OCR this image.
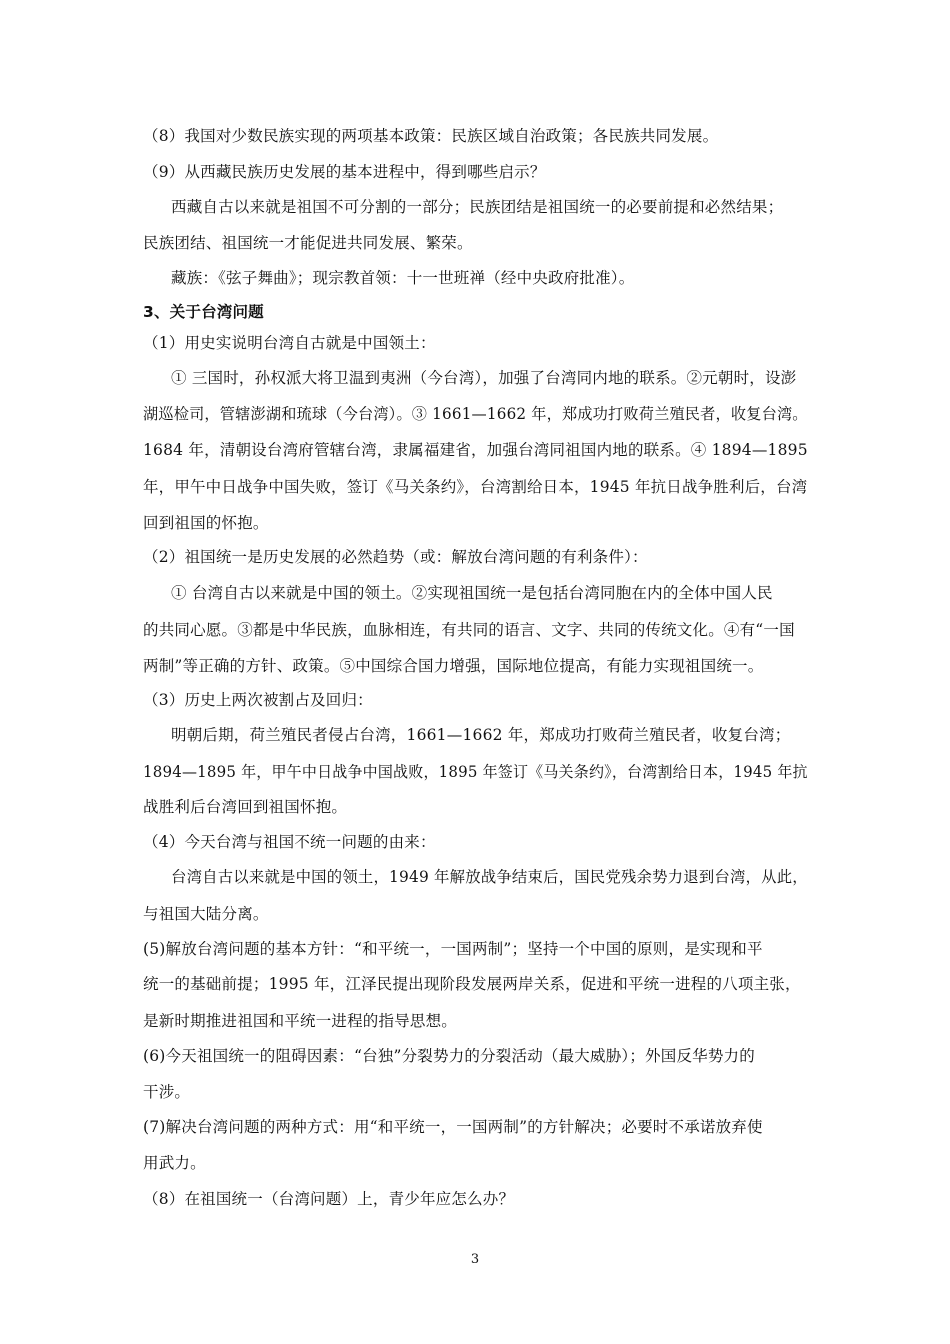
（8）我国对少数民族实现的两项基本政策：民族区域自治政策；各民族共同发展。
（9）从西藏民族历史发展的基本进程中，得到哪些启示？
西藏自古以来就是祖国不可分割的一部分；民族团结是祖国统一的必要前提和必然结果；
民族团结、祖国统一才能促进共同发展、繁荣。
藏族：《弦子舞曲》；现宗教首领：十一世班禅（经中央政府批准）。
3、关于台湾问题
（1）用史实说明台湾自古就是中国领土：
① 三国时，孙权派大将卫温到夷洲（今台湾），加强了台湾同内地的联系。②元朝时，设澎
湖巡检司，管辖澎湖和琉球（今台湾）。③ 1661—1662 年，郑成功打败荷兰殖民者，收复台湾。
1684 年，清朝设台湾府管辖台湾，隶属福建省，加强台湾同祖国内地的联系。④ 1894—1895
年，甲午中日战争中国失败，签订《马关条约》，台湾割给日本，1945 年抗日战争胜利后，台湾
回到祖国的怀抱。
（2）祖国统一是历史发展的必然趋势（或：解放台湾问题的有利条件）：
① 台湾自古以来就是中国的领土。②实现祖国统一是包括台湾同胞在内的全体中国人民
的共同心愿。③都是中华民族，血脉相连，有共同的语言、文字、共同的传统文化。④有“一国
两制”等正确的方针、政策。⑤中国综合国力增强，国际地位提高，有能力实现祖国统一。
（3）历史上两次被割占及回归：
明朝后期，荷兰殖民者侵占台湾，1661—1662 年，郑成功打败荷兰殖民者，收复台湾；
1894—1895 年，甲午中日战争中国战败，1895 年签订《马关条约》，台湾割给日本，1945 年抗
战胜利后台湾回到祖国怀抱。
（4）今天台湾与祖国不统一问题的由来：
台湾自古以来就是中国的领土，1949 年解放战争结束后，国民党残余势力退到台湾，从此，
与祖国大陆分离。
(5)解放台湾问题的基本方针：“和平统一，一国两制”；坚持一个中国的原则，是实现和平
统一的基础前提；1995 年，江泽民提出现阶段发展两岸关系，促进和平统一进程的八项主张，
是新时期推进祖国和平统一进程的指导思想。
(6)今天祖国统一的阻碍因素：“台独”分裂势力的分裂活动（最大威胁）；外国反华势力的
干涉。
(7)解决台湾问题的两种方式：用“和平统一，一国两制”的方针解决；必要时不承诺放弃使
用武力。
（8）在祖国统一（台湾问题）上，青少年应怎么办？
3
